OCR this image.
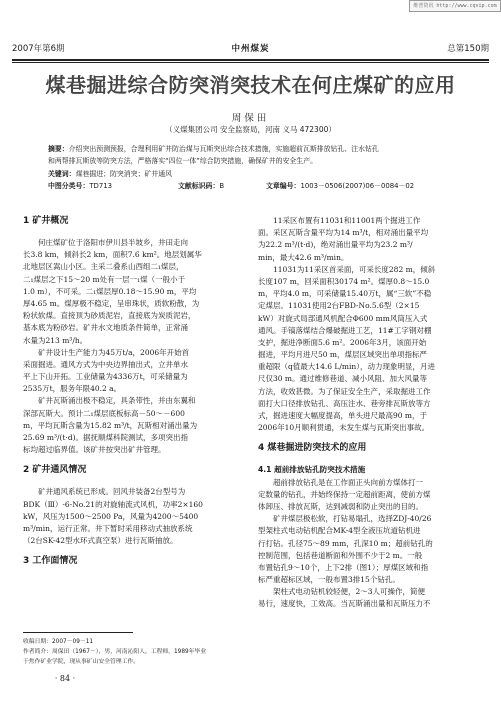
维普资讯 http://www.cqvip.com
2007年第6期	中州煤炭	总第150期
煤巷掘进综合防突消突技术在何庄煤矿的应用
周保田
（义煤集团公司 安全监察局，河南 义马 472300）
摘要：介绍突出预测预报，合理利用矿井防治煤与瓦斯突出综合技术措施，实施超前瓦斯排放钻孔、注水钻孔
和两帮排瓦斯放等防突方法，严格落实“四位一体”综合防突措施，确保矿井的安全生产。
关键词：煤巷掘进；防突消突；矿井通风
中图分类号：TD713	文献标识码：B	文章编号：1003－0506(2007)06－0084－02
1 矿井概况
何庄煤矿位于洛阳市伊川县半坡乡，井田走向
长3.8 km，倾斜长2 km，面积7.6 km²。地层划属华
北地层区嵩山小区。主采二叠系山西组二₁煤层，
二₁煤层之下15～20 m处有一层一₁煤（一般小于
1.0 m），不可采。二₁煤层厚0.18～15.90 m，平均
厚4.65 m。煤厚极不稳定，呈串珠状，质软粉散，为
粉状软煤。直接顶为砂质泥岩，直接底为炭质泥岩，
基本底为粉砂岩。矿井水文地质条件简单，正常涌
水量为213 m³/h。
矿井设计生产能力为45万t/a，2006年开始首
采面掘进。通风方式为中央边界抽出式，立井单水
平上下山开拓。工业储量为4336万t，可采储量为
2535万t，服务年限40.2 a。
矿井瓦斯涌出极不稳定，具条带性，并由东翼和
深部瓦斯大。预计二₁煤层底板标高－50～－600
m，平均瓦斯含量为15.82 m³/t，瓦斯相对涌出量为
25.69 m³/(t·d)。据抚顺煤科院测试，多项突出指
标均超过临界值。该矿井按突出矿井管理。
2 矿井通风情况
矿井通风系统已形成。回风井装备2台型号为
BDK（Ⅲ）-6-No.21的对旋轴流式风机，功率2×160
kW，风压为1500～2500 Pa，风量为4200～5400
m³/min，运行正常。井下暂时采用移动式抽放系统
（2台SK-42型水环式真空泵）进行瓦斯抽放。
3 工作面情况
收稿日期：2007－09－11
作者简介：周保田（1967－），男，河南沁阳人，工程师，1989年毕业
于焦作矿业学院，现从事矿山安全管理工作。
· 84 ·
11采区布置有11031和11001两个掘进工作
面。采区瓦斯含量平均为14 m³/t，相对涌出量平均
为22.2 m³/(t·d)，绝对涌出量平均为23.2 m³/
min，最大42.6 m³/min。
11031为11采区首采面，可采长度282 m，倾斜
长度107 m，回采面积30174 m²。煤厚0.8～15.0
m，平均4.0 m，可采储量15.40万t，属“三软”不稳
定煤层。11031使用2台FBD-No.5.6型（2×15
kW）对旋式局部通风机配合Φ600 mm风筒压入式
通风。手镐落煤结合爆破掘进工艺，11#工字钢对棚
支护，掘进净断面5.6 m²。2006年3月，该面开始
掘进，平均月进尺50 m，煤层区域突出单项指标严
重超限（q值最大14.6 L/min），动力现象明显，月进
尺仅30 m。通过维修巷道、减小风阻、加大风量等
方法，收效甚微。为了保证安全生产，采取掘进工作
面打大口径排放钻孔、高压注水、巷旁排瓦斯放等方
式，掘进速度大幅度提高，单头进尺最高90 m，于
2006年10月顺利贯通，未发生煤与瓦斯突出事故。
4 煤巷掘进防突技术的应用
4.1 超前排放钻孔防突技术措施
超前排放钻孔是在工作面正头向前方煤体打一
定数量的钻孔，并始终保持一定超前距离，使前方煤
体卸压、排放瓦斯，达到减弱和防止突出的目的。
矿井煤层极松软，打钻易塌孔，选择ZDJ-40/26
型架柱式电动钻机配合MK-4型全液压坑道钻机进
行打钻。孔径75～89 mm，孔深10 m；超前钻孔的
控制范围，包括巷道断面和外围不少于2 m。一般
布置钻孔9～10个，上下2排（图1）；厚煤区域和指
标严重超标区域，一般布置3排15个钻孔。
架柱式电动钻机较轻便，2～3人可操作，简便
易行，速度快，工效高。当瓦斯涌出量和瓦斯压力不
